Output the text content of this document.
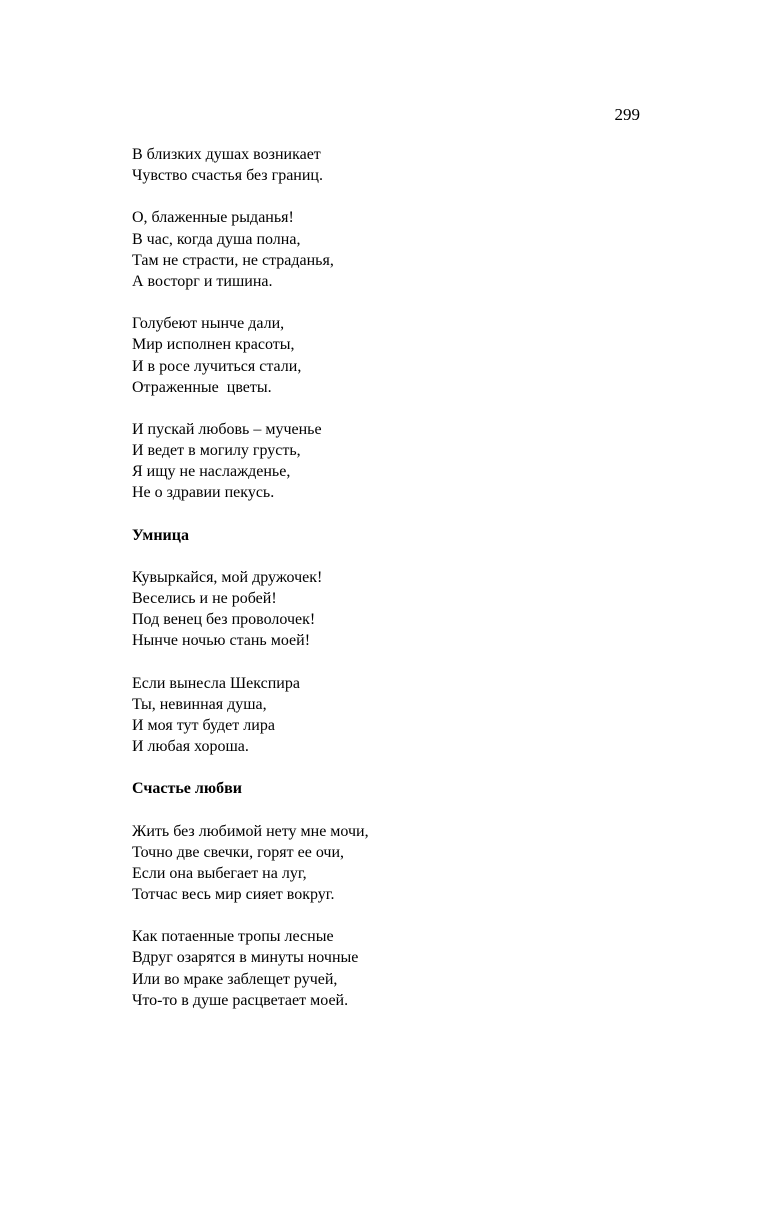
299
В близких душах возникает
Чувство счастья без границ.
О, блаженные рыданья!
В час, когда душа полна,
Там не страсти, не страданья,
А восторг и тишина.
Голубеют нынче дали,
Мир исполнен красоты,
И в росе лучиться стали,
Отраженные  цветы.
И пускай любовь – мученье
И ведет в могилу грусть,
Я ищу не наслажденье,
Не о здравии пекусь.
Умница
Кувыркайся, мой дружочек!
Веселись и не робей!
Под венец без проволочек!
Нынче ночью стань моей!
Если вынесла Шекспира
Ты, невинная душа,
И моя тут будет лира
И любая хороша.
Счастье любви
Жить без любимой нету мне мочи,
Точно две свечки, горят ее очи,
Если она выбегает на луг,
Тотчас весь мир сияет вокруг.
Как потаенные тропы лесные
Вдруг озарятся в минуты ночные
Или во мраке заблещет ручей,
Что-то в душе расцветает моей.
